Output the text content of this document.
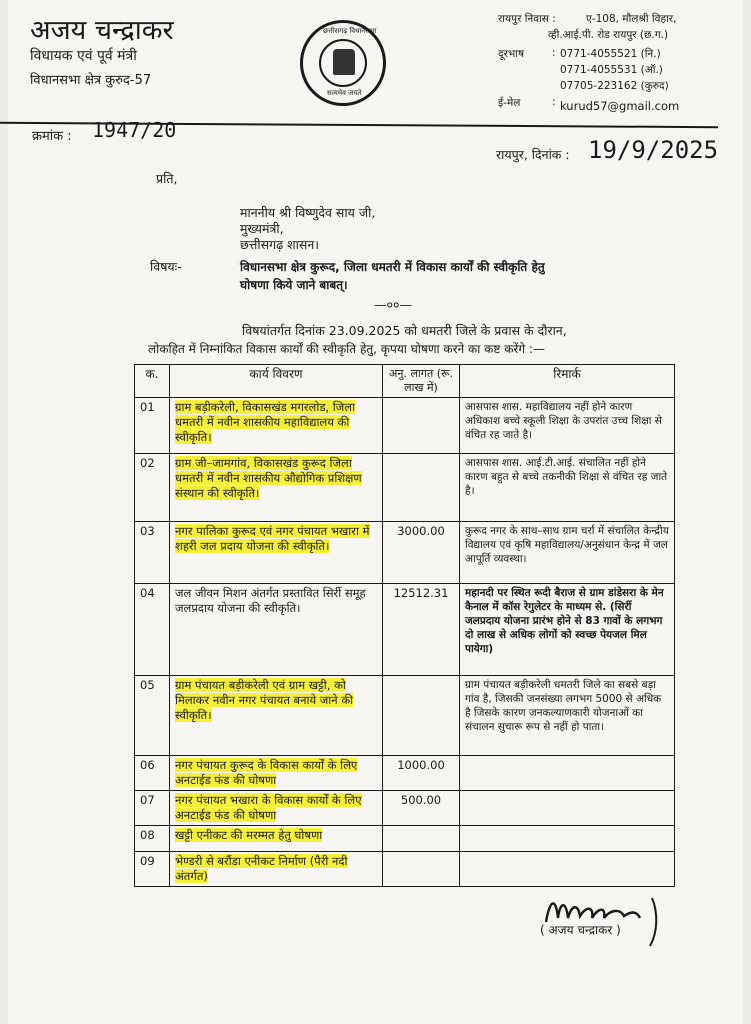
अजय चन्द्राकर
विधायक एवं पूर्व मंत्री
विधानसभा क्षेत्र कुरुद-57
छत्तीसगढ़ विधानसभा
सत्यमेव जयते
रायपुर निवास :	ए-108, मौलश्री विहार,
व्ही.आई.पी. रोड रायपुर (छ.ग.)
दूरभाष	: 0771-4055521 (नि.)
0771-4055531 (ऑ.)
07705-223162 (कुरुद)
ई-मेल	: kurud57@gmail.com
क्रमांक : 1947/20
रायपुर, दिनांक : 19/9/2025
प्रति,
माननीय श्री विष्णुदेव साय जी,
मुख्यमंत्री,
छत्तीसगढ़ शासन।
विषयः-	विधानसभा क्षेत्र कुरूद, जिला धमतरी में विकास कार्यों की स्वीकृति हेतु
घोषणा किये जाने बाबत्।
—००—
विषयांतर्गत दिनांक 23.09.2025 को धमतरी जिले के प्रवास के दौरान,
लोकहित में निम्नांकित विकास कार्यों की स्वीकृति हेतु, कृपया घोषणा करने का कष्ट करेंगे :—
क.	कार्य विवरण	अनु. लागत (रू. लाख में)	रिमार्क
01	ग्राम बड़ीकरेली, विकासखंड मगरलोड, जिला धमतरी में नवीन शासकीय महाविद्यालय की स्वीकृति।		आसपास शास. महाविद्यालय नहीं होने कारण अधिकाश बच्चे स्कूली शिक्षा के उपरांत उच्च शिक्षा से वंचित रह जाते है।
02	ग्राम जी–जामगांव, विकासखंड कुरूद जिला धमतरी में नवीन शासकीय औद्योगिक प्रशिक्षण संस्थान की स्वीकृति।		आसपास शास. आई.टी.आई. संचालित नहीं होने कारण बहुत से बच्चे तकनीकी शिक्षा से वंचित रह जाते है।
03	नगर पालिका कुरूद एवं नगर पंचायत भखारा में शहरी जल प्रदाय योजना की स्वीकृति।	3000.00	कुरूद नगर के साथ–साथ ग्राम चर्रा में संचालित केन्द्रीय विद्यालय एवं कृषि महाविद्यालय/अनुसंधान केन्द्र में जल आपूर्ति व्यवस्था।
04	जल जीवन मिशन अंतर्गत प्रस्तावित सिर्री समूह जलप्रदाय योजना की स्वीकृति।	12512.31	महानदी पर स्थित रूदी बैराज से ग्राम डांडेसरा के मेन कैनाल में कॉस रेगुलेटर के माध्यम से. (सिर्री जलप्रदाय योजना प्रारंभ होने से 83 गावों के लगभग दो लाख से अधिक लोगों को स्वच्छ पेयजल मिल पायेगा)
05	ग्राम पंचायत बड़ीकरेली एवं ग्राम खट्टी, को मिलाकर नवीन नगर पंचायत बनाये जाने की स्वीकृति।		ग्राम पंचायत बड़ीकरेली धमतरी जिले का सबसे बड़ा गांव है, जिसकी जनसंख्या लगभग 5000 से अधिक है जिसके कारण जनकल्याणकारी योजनाओं का संचालन सुचारू रूप से नहीं हो पाता।
06	नगर पंचायत कुरूद के विकास कार्यों के लिए अनटाईड फंड की घोषणा	1000.00	
07	नगर पंचायत भखारा के विकास कार्यों के लिए अनटाईड फंड की घोषणा	500.00	
08	खट्टी एनीकट की मरम्मत हेतु घोषणा		
09	भेण्डरी से बरौंडा एनीकट निर्माण (पैरी नदी अंतर्गत)		
( अजय चन्द्राकर )
